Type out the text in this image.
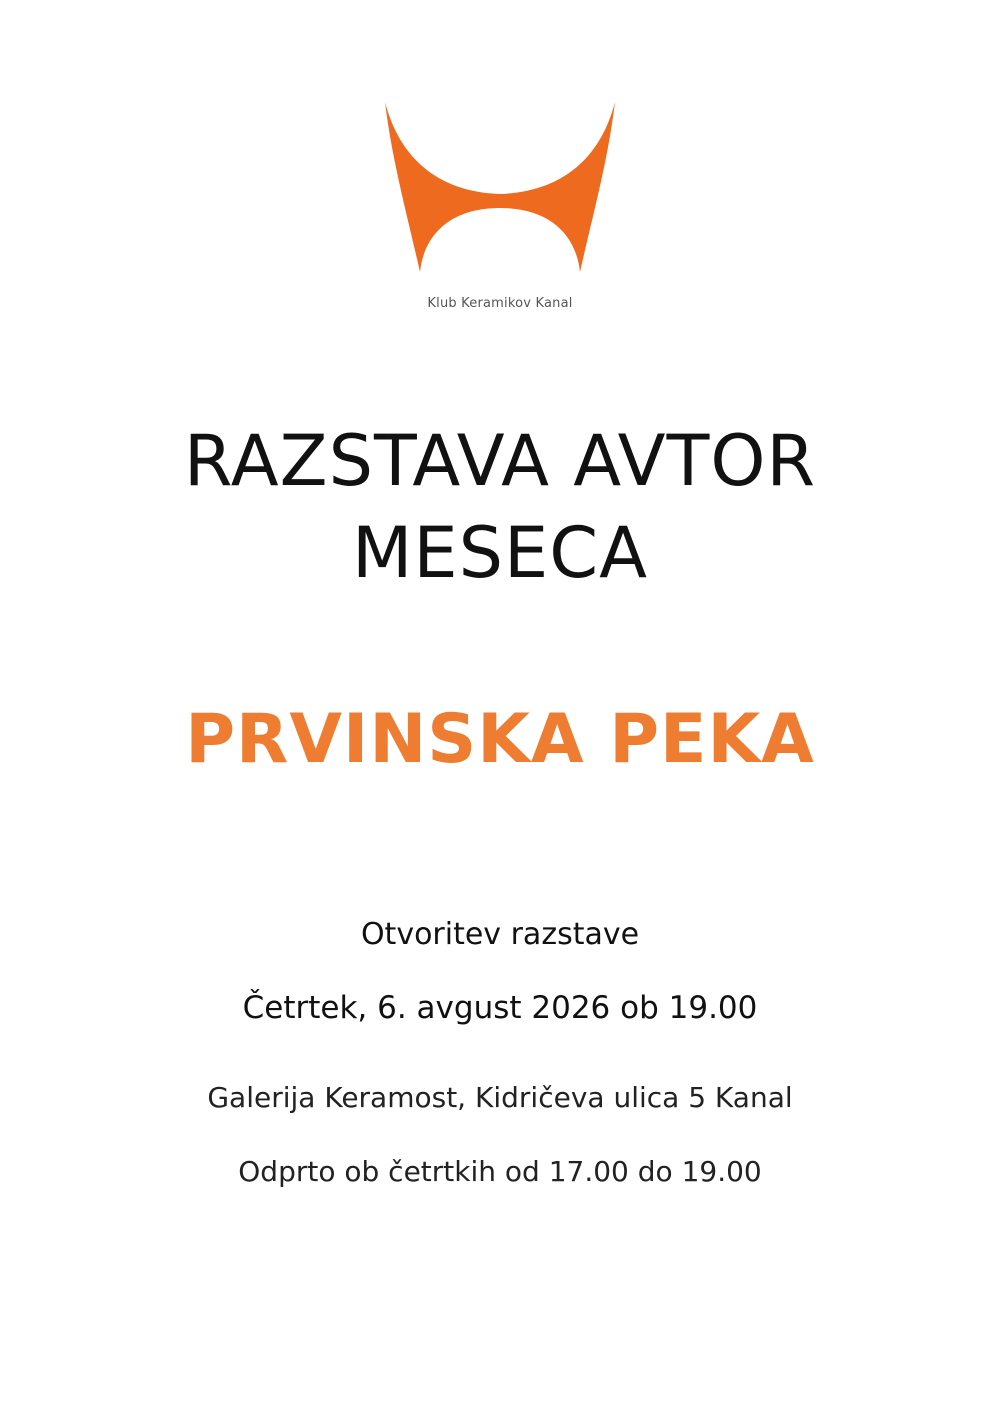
Klub Keramikov Kanal
RAZSTAVA AVTOR
MESECA
PRVINSKA PEKA
Otvoritev razstave
Četrtek, 6. avgust 2026 ob 19.00
Galerija Keramost, Kidričeva ulica 5 Kanal
Odprto ob četrtkih od 17.00 do 19.00
